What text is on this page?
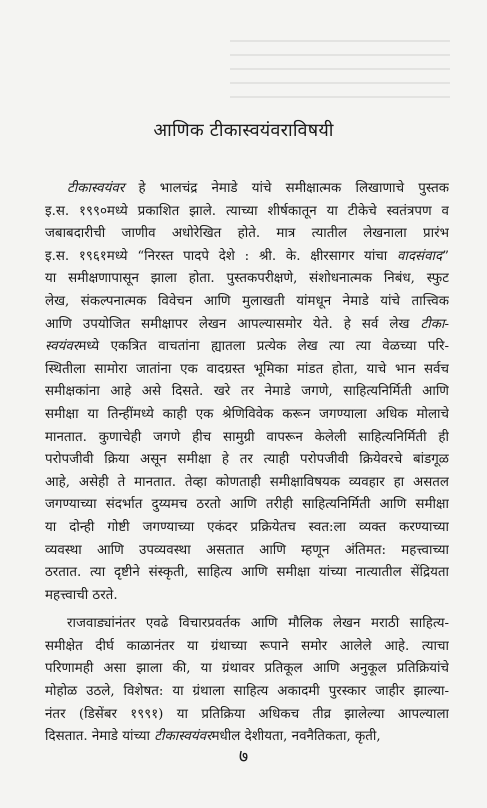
आणिक टीकास्वयंवराविषयी
टीकास्वयंवर हे भालचंद्र नेमाडे यांचे समीक्षात्मक लिखाणाचे पुस्तक
इ.स. १९९०मध्ये प्रकाशित झाले. त्याच्या शीर्षकातून या टीकेचे स्वतंत्रपण व
जबाबदारीची जाणीव अधोरेखित होते. मात्र त्यातील लेखनाला प्रारंभ
इ.स. १९६१मध्ये “निरस्त पादपे देशे : श्री. के. क्षीरसागर यांचा वादसंवाद”
या समीक्षणापासून झाला होता. पुस्तकपरीक्षणे, संशोधनात्मक निबंध, स्फुट
लेख, संकल्पनात्मक विवेचन आणि मुलाखती यांमधून नेमाडे यांचे तात्त्विक
आणि उपयोजित समीक्षापर लेखन आपल्यासमोर येते. हे सर्व लेख टीका-
स्वयंवरमध्ये एकत्रित वाचतांना ह्यातला प्रत्येक लेख त्या त्या वेळच्या परि-
स्थितीला सामोरा जातांना एक वादग्रस्त भूमिका मांडत होता, याचे भान सर्वच
समीक्षकांना आहे असे दिसते. खरे तर नेमाडे जगणे, साहित्यनिर्मिती आणि
समीक्षा या तिन्हींमध्ये काही एक श्रेणिविवेक करून जगण्याला अधिक मोलाचे
मानतात. कुणाचेही जगणे हीच सामुग्री वापरून केलेली साहित्यनिर्मिती ही
परोपजीवी क्रिया असून समीक्षा हे तर त्याही परोपजीवी क्रियेवरचे बांडगूळ
आहे, असेही ते मानतात. तेव्हा कोणताही समीक्षाविषयक व्यवहार हा असतल
जगण्याच्या संदर्भात दुय्यमच ठरतो आणि तरीही साहित्यनिर्मिती आणि समीक्षा
या दोन्ही गोष्टी जगण्याच्या एकंदर प्रक्रियेतच स्वत:ला व्यक्त करण्याच्या
व्यवस्था आणि उपव्यवस्था असतात आणि म्हणून अंतिमत: महत्त्वाच्या
ठरतात. त्या दृष्टीने संस्कृती, साहित्य आणि समीक्षा यांच्या नात्यातील सेंद्रियता
महत्त्वाची ठरते.
राजवाड्यांनंतर एवढे विचारप्रवर्तक आणि मौलिक लेखन मराठी साहित्य-
समीक्षेत दीर्घ काळानंतर या ग्रंथाच्या रूपाने समोर आलेले आहे. त्याचा
परिणामही असा झाला की, या ग्रंथावर प्रतिकूल आणि अनुकूल प्रतिक्रियांचे
मोहोळ उठले, विशेषत: या ग्रंथाला साहित्य अकादमी पुरस्कार जाहीर झाल्या-
नंतर (डिसेंबर १९९१) या प्रतिक्रिया अधिकच तीव्र झालेल्या आपल्याला
दिसतात. नेमाडे यांच्या टीकास्वयंवरमधील देशीयता, नवनैतिकता, कृती,
७
